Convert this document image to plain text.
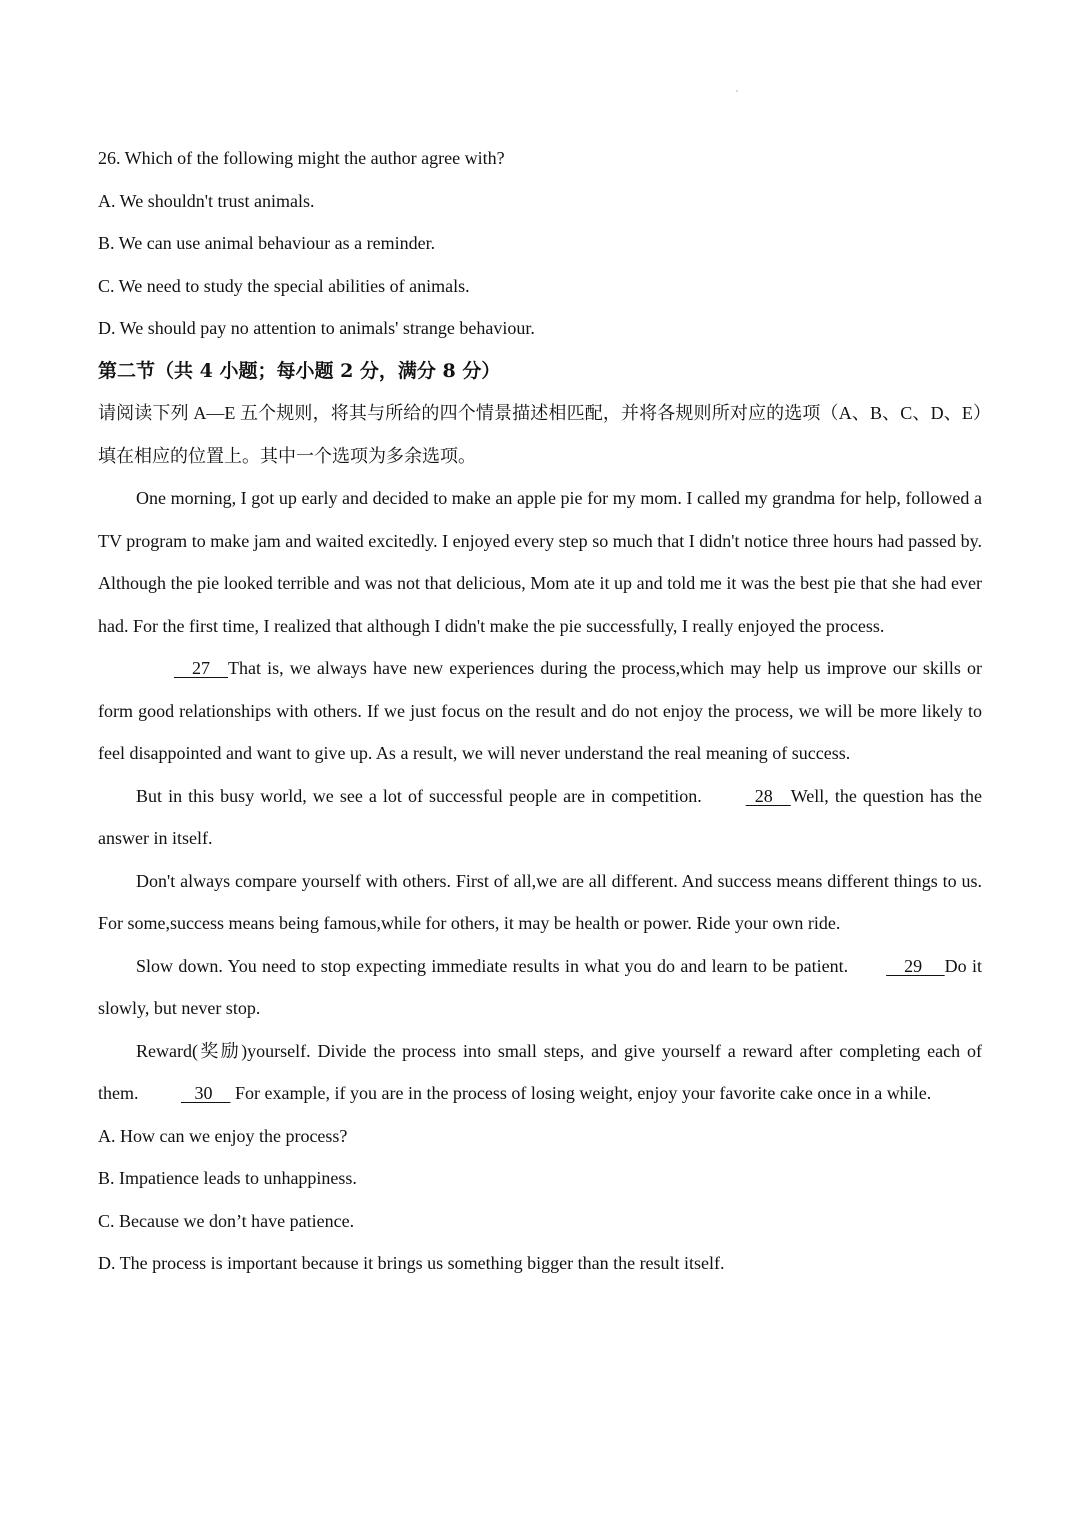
26. Which of the following might the author agree with?

A. We shouldn't trust animals.

B. We can use animal behaviour as a reminder.

C. We need to study the special abilities of animals.

D. We should pay no attention to animals' strange behaviour.

第二节（共 4 小题；每小题 2 分，满分 8 分）

请阅读下列 A—E 五个规则，将其与所给的四个情景描述相匹配，并将各规则所对应的选项（A、B、C、D、E）填在相应的位置上。其中一个选项为多余选项。

One morning, I got up early and decided to make an apple pie for my mom. I called my grandma for help, followed a TV program to make jam and waited excitedly. I enjoyed every step so much that I didn't notice three hours had passed by. Although the pie looked terrible and was not that delicious, Mom ate it up and told me it was the best pie that she had ever had. For the first time, I realized that although I didn't make the pie successfully, I really enjoyed the process.

27    That is, we always have new experiences during the process,which may help us improve our skills or form good relationships with others. If we just focus on the result and do not enjoy the process, we will be more likely to feel disappointed and want to give up. As a result, we will never understand the real meaning of success.

But in this busy world, we see a lot of successful people are in competition.   28    Well, the question has the answer in itself.

Don't always compare yourself with others. First of all,we are all different. And success means different things to us. For some,success means being famous,while for others, it may be health or power. Ride your own ride.

Slow down. You need to stop expecting immediate results in what you do and learn to be patient.    29     Do it slowly, but never stop.

Reward(奖励)yourself. Divide the process into small steps, and give yourself a reward after completing each of them.    30     For example, if you are in the process of losing weight, enjoy your favorite cake once in a while.

A. How can we enjoy the process?

B. Impatience leads to unhappiness.

C. Because we don’t have patience.

D. The process is important because it brings us something bigger than the result itself.
